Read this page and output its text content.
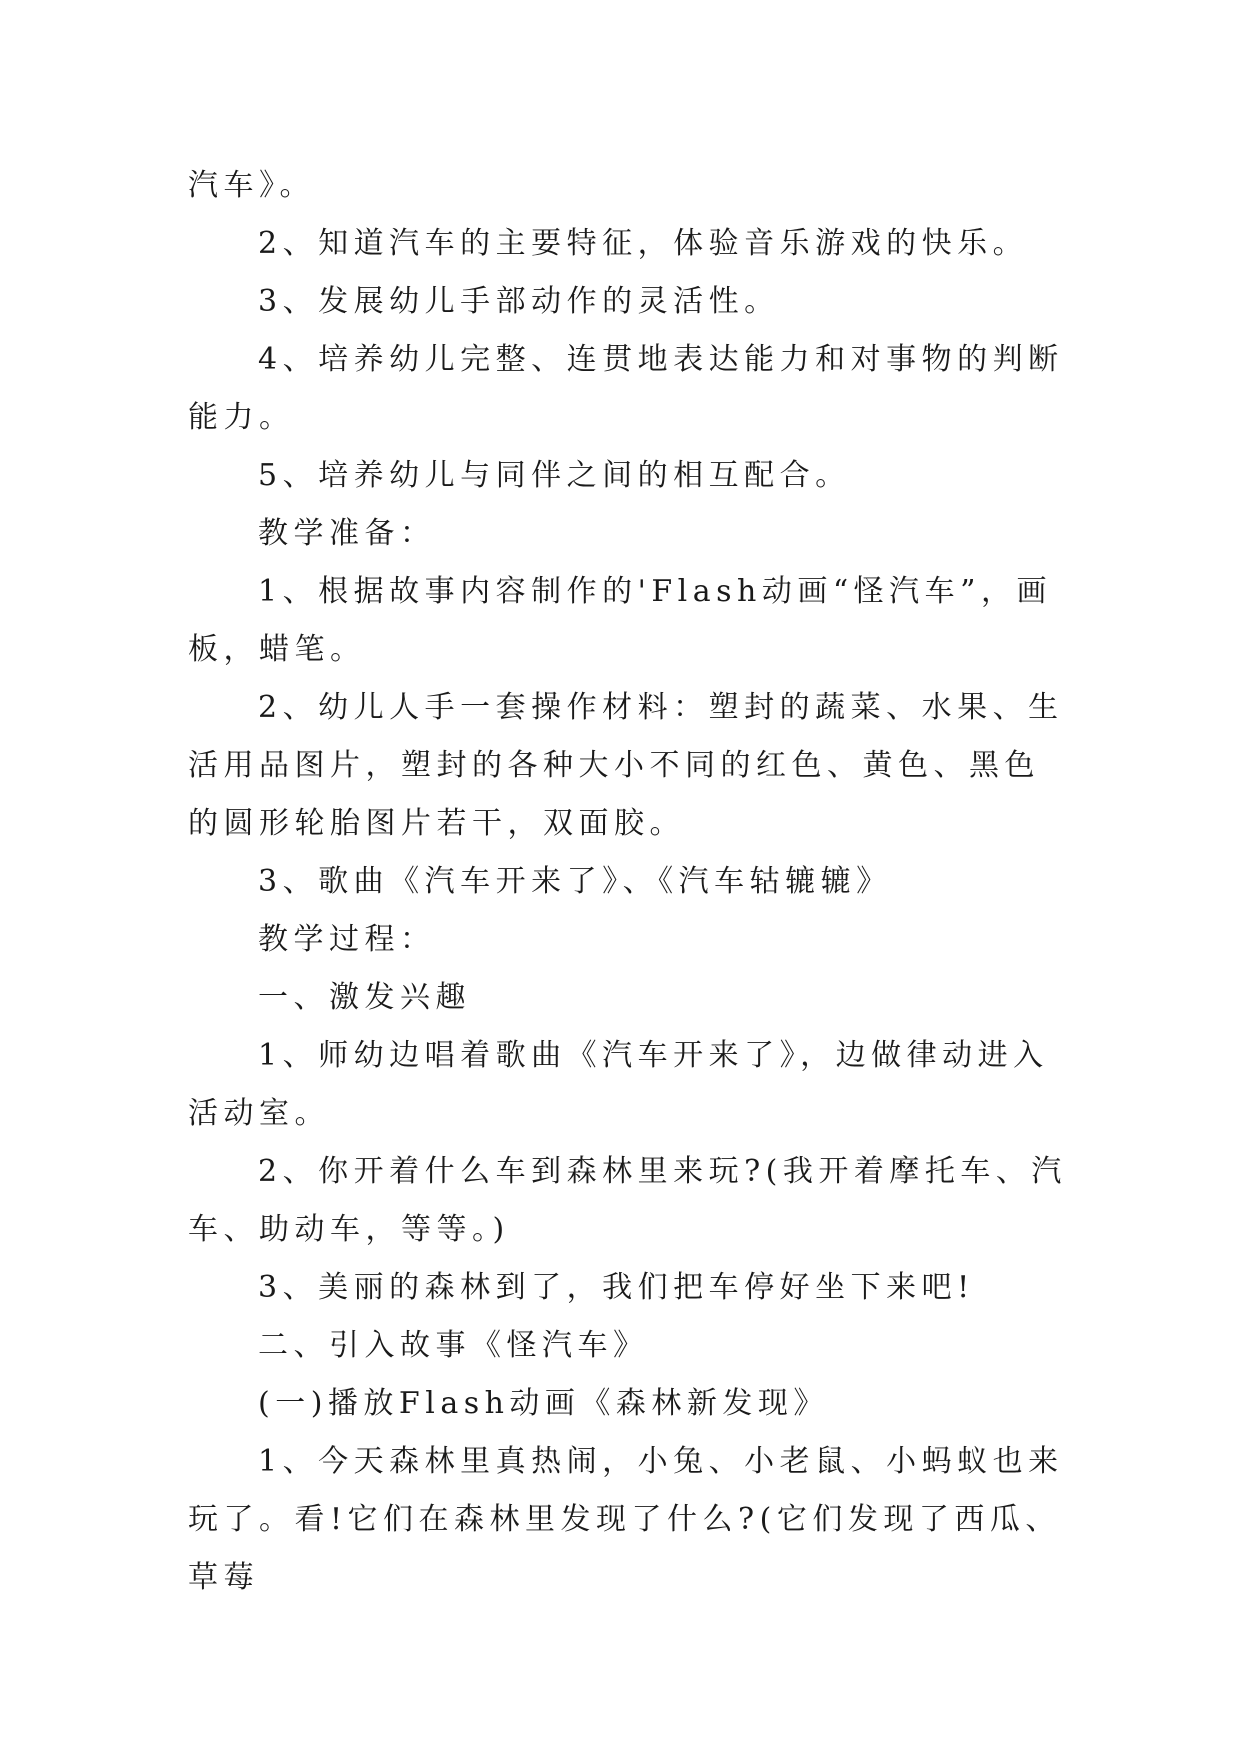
汽车》。

2、知道汽车的主要特征，体验音乐游戏的快乐。

3、发展幼儿手部动作的灵活性。

4、培养幼儿完整、连贯地表达能力和对事物的判断能力。

5、培养幼儿与同伴之间的相互配合。

教学准备：

1、根据故事内容制作的'Flash动画“怪汽车”，画板，蜡笔。

2、幼儿人手一套操作材料：塑封的蔬菜、水果、生活用品图片，塑封的各种大小不同的红色、黄色、黑色的圆形轮胎图片若干，双面胶。

3、歌曲《汽车开来了》、《汽车轱辘辘》

教学过程：

一、激发兴趣

1、师幼边唱着歌曲《汽车开来了》，边做律动进入活动室。

2、你开着什么车到森林里来玩?(我开着摩托车、汽车、助动车，等等。)

3、美丽的森林到了，我们把车停好坐下来吧!

二、引入故事《怪汽车》

(一)播放Flash动画《森林新发现》

1、今天森林里真热闹，小兔、小老鼠、小蚂蚁也来玩了。看!它们在森林里发现了什么?(它们发现了西瓜、草莓
